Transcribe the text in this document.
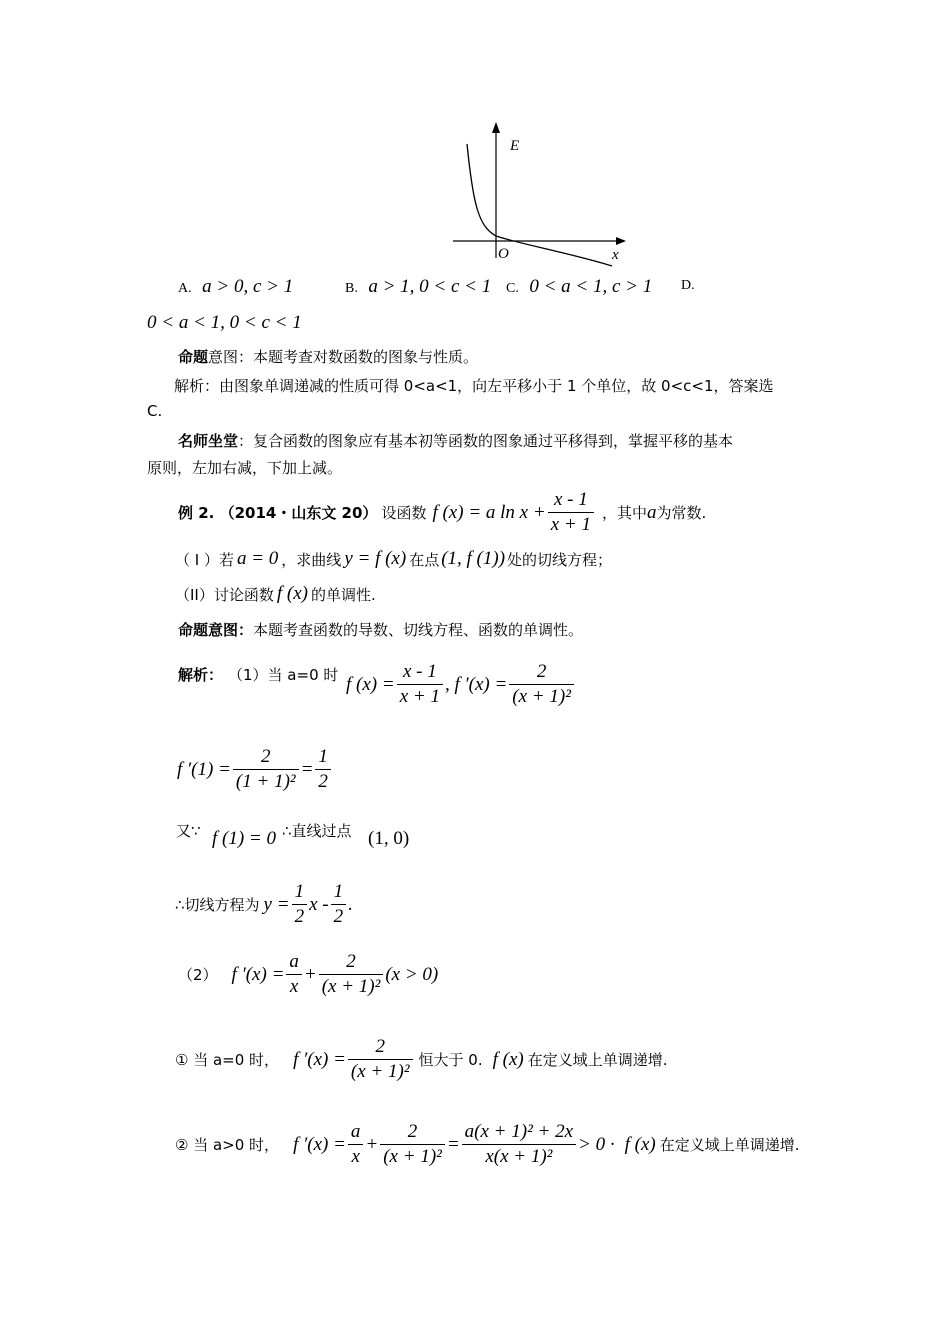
E
O	x
A. a > 0, c > 1	B. a > 1, 0 < c < 1 C. 0 < a < 1, c > 1 D.
0 < a < 1, 0 < c < 1
命题意图：本题考查对数函数的图象与性质。
解析：由图象单调递减的性质可得 0<a<1，向左平移小于 1 个单位，故 0<c<1，答案选
C.
名师坐堂：复合函数的图象应有基本初等函数的图象通过平移得到，掌握平移的基本
原则，左加右减，下加上减。
例 2. （2014・山东文 20） 设函数 f (x) = a $\ln x + \frac{x - 1}{x + 1}$ ，其中 a 为常数.
（ I ）若 a = 0 ，求曲线 y = f (x) 在点 (1, f (1)) 处的切线方程；
（II）讨论函数 f (x) 的单调性.
命题意图：本题考查函数的导数、切线方程、函数的单调性。
解析： （1）当 a=0 时 f $(x) = \frac{x - 1}{x + 1}$ , f $'(x) = \frac{2}{\text{(x + 1)²}}$
f $'(1) = \frac{2}{\text{(1 + 1)²}} = \frac{1}{2}$
又∵ f (1) = 0 ∴直线过点 (1, 0)
∴切线方程为 $y = \frac{1}{2}$ x - $\frac{1}{2}$ .
（2） f $'(x) = \frac{a}{x} + \frac{2}{\text{(x + 1)²}} (x > 0)$
① 当 a=0 时， f $'(x) = \frac{2}{\text{(x + 1)²}}$ 恒大于 0. f (x) 在定义域上单调递增.
② 当 a>0 时， f $'(x) = \frac{a}{x} + \frac{2}{\text{(x + 1)²}} = \frac{\text{a(x + 1)² + 2x}}{\text{x(x + 1)²}} > 0 \cdot f$ (x) 在定义域上单调递增.
